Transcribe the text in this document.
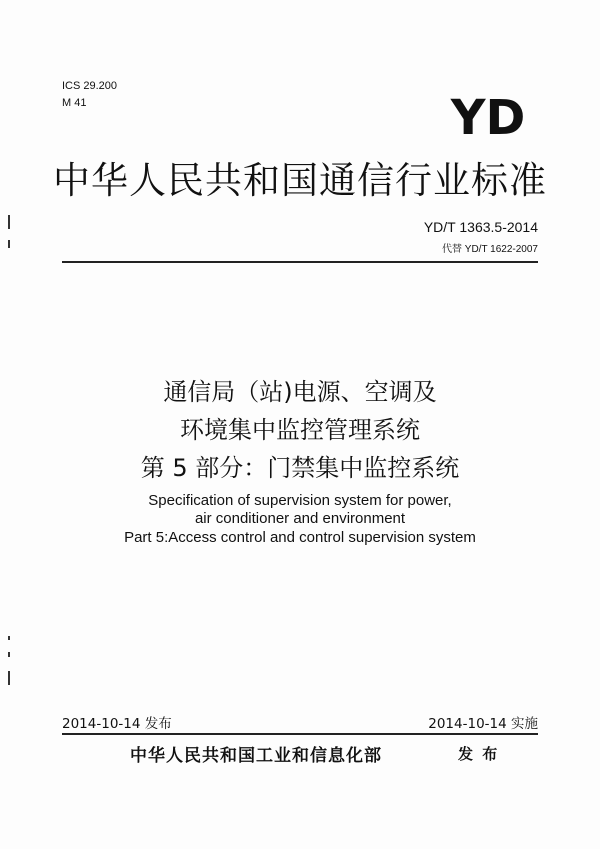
ICS 29.200
M 41	YD
中华人民共和国通信行业标准
YD/T 1363.5-2014
代替 YD/T 1622-2007
通信局（站)电源、空调及
环境集中监控管理系统
第 5 部分：门禁集中监控系统
Specification of supervision system for power,
air conditioner and environment
Part 5:Access control and control supervision system
2014-10-14 发布	2014-10-14 实施
中华人民共和国工业和信息化部	发 布
